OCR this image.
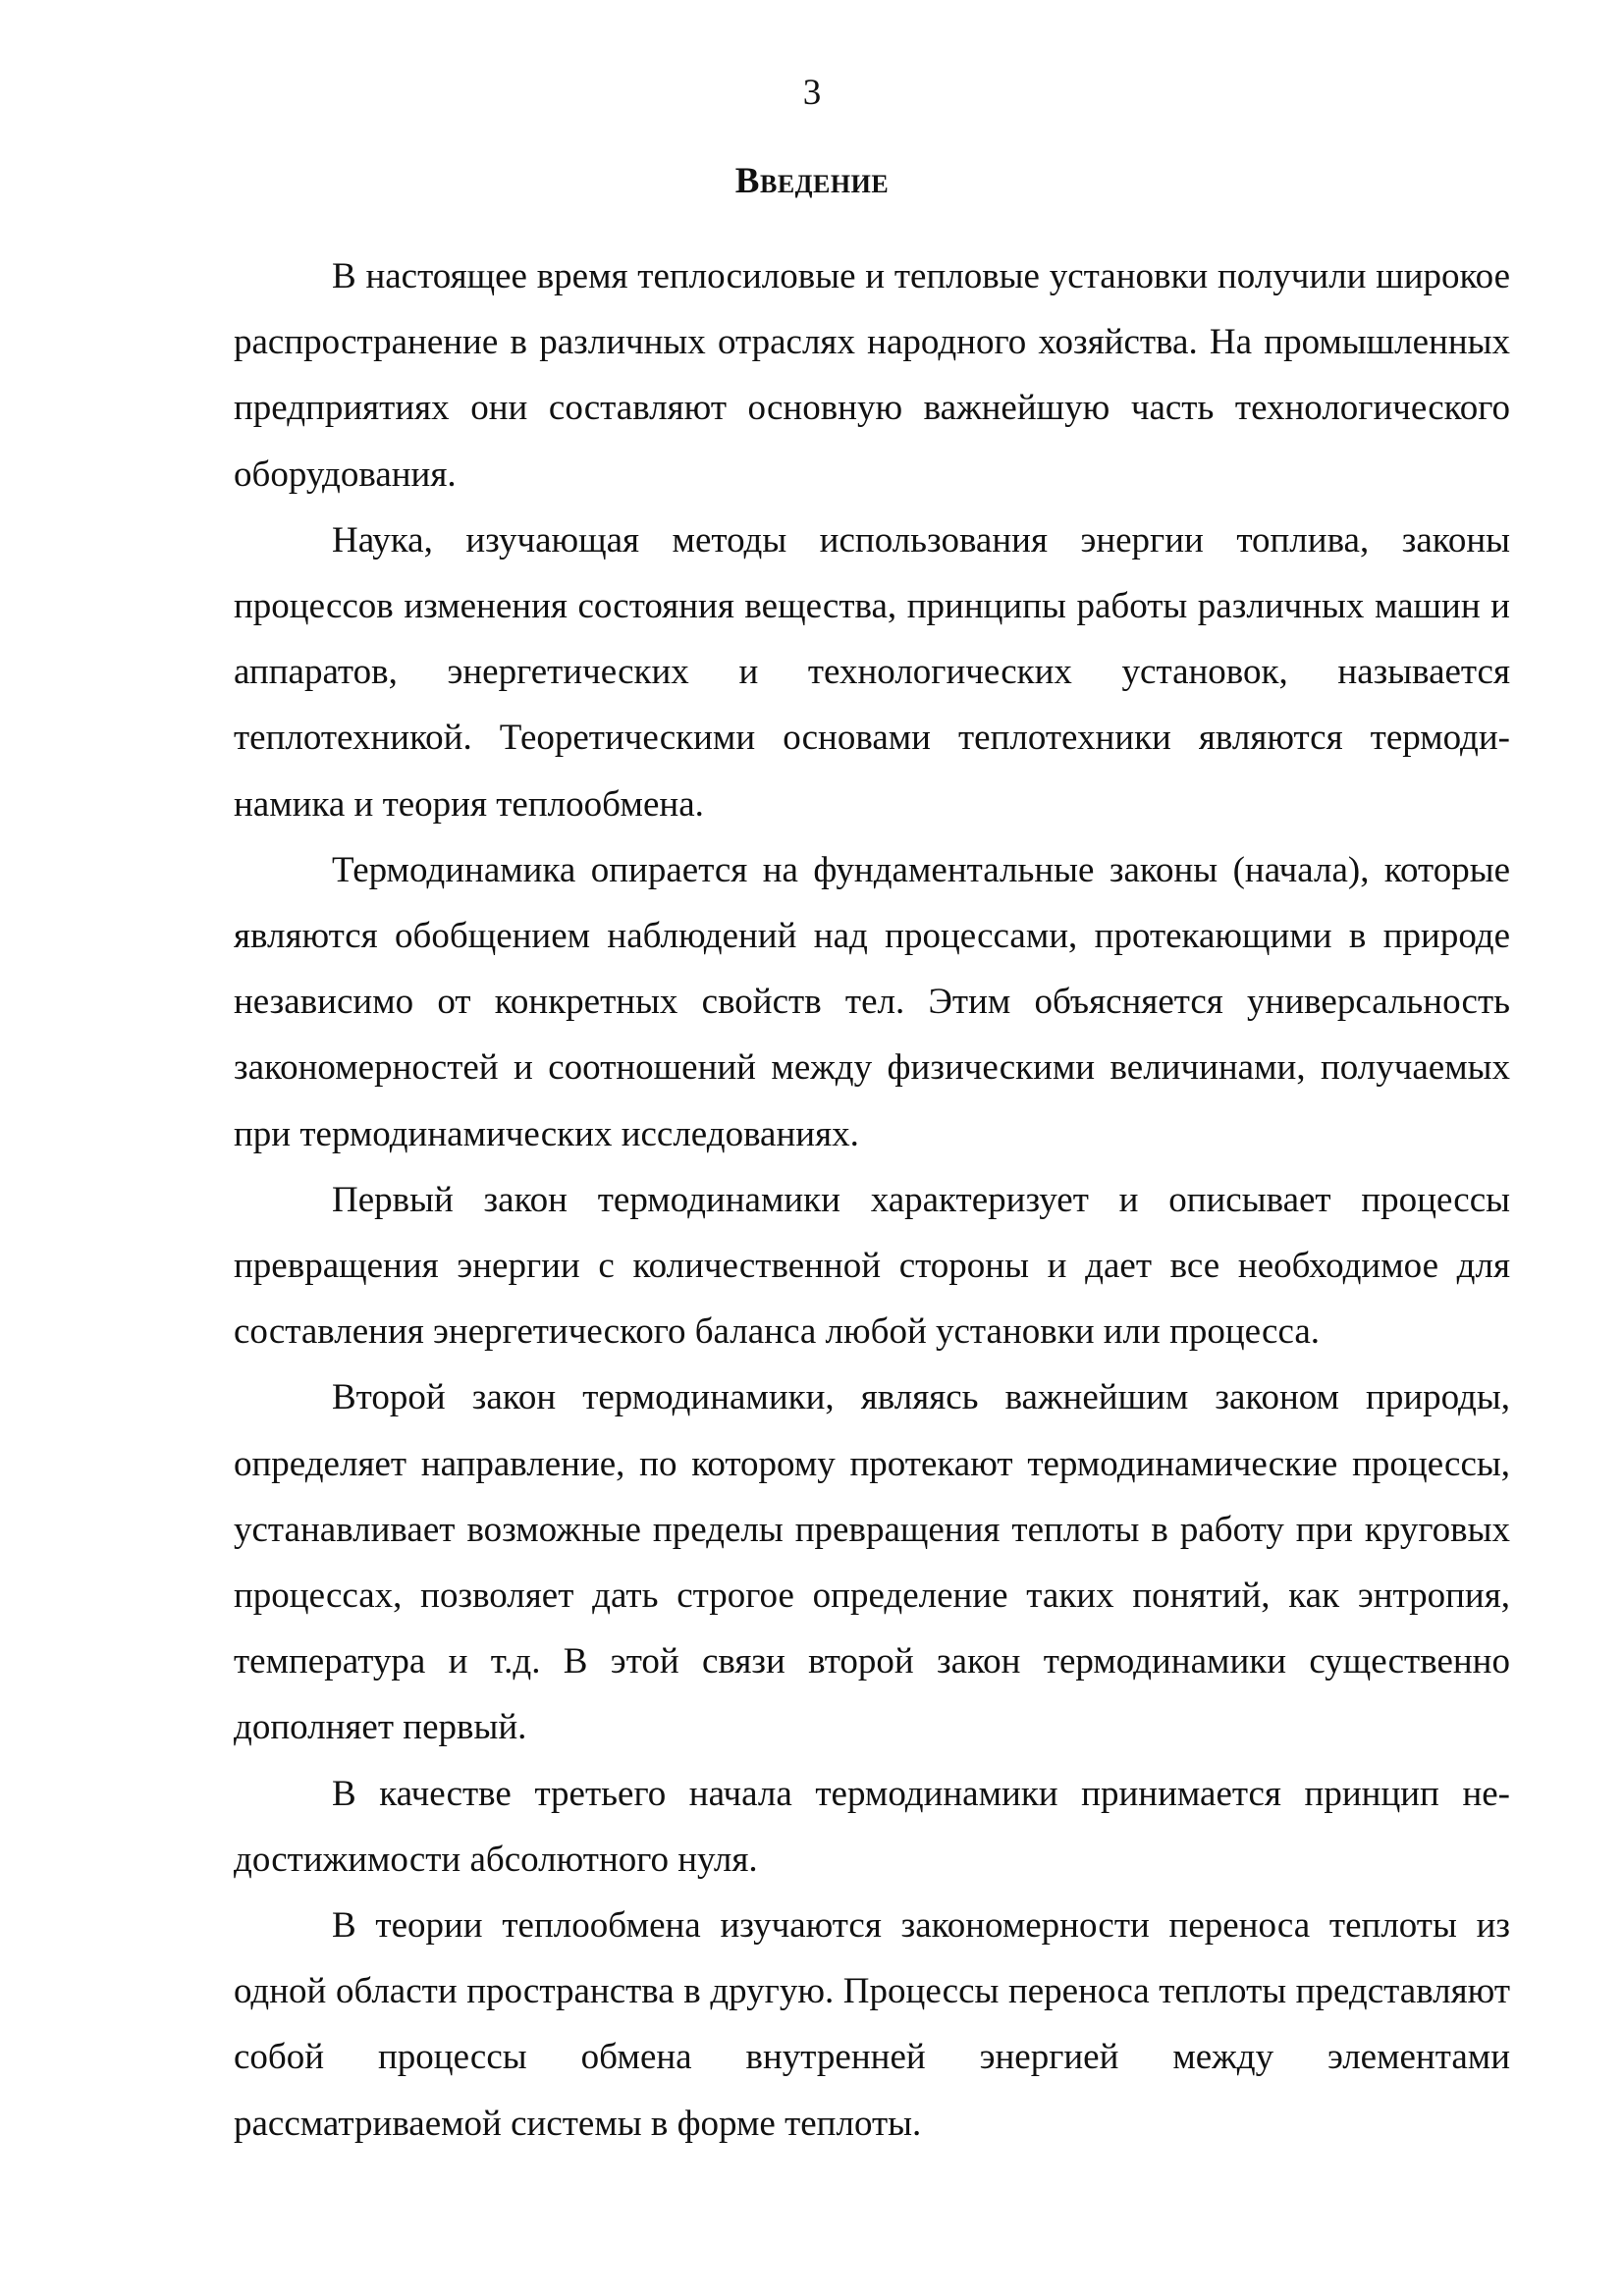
3
Введение

В настоящее время теплосиловые и тепловые установки получили широкое распространение в различных отраслях народного хозяйства. На промышленных предприятиях они составляют основную важнейшую часть технологического оборудования.

Наука, изучающая методы использования энергии топлива, законы процессов изменения состояния вещества, принципы работы различных машин и аппаратов, энергетических и технологических установок, называется теплотехникой. Теоретическими основами теплотехники являются термодинамика и теория теплообмена.

Термодинамика опирается на фундаментальные законы (начала), которые являются обобщением наблюдений над процессами, протекающими в природе независимо от конкретных свойств тел. Этим объясняется универсальность закономерностей и соотношений между физическими величинами, получаемых при термодинамических исследованиях.

Первый закон термодинамики характеризует и описывает процессы превращения энергии с количественной стороны и дает все необходимое для составления энергетического баланса любой установки или процесса.

Второй закон термодинамики, являясь важнейшим законом природы, определяет направление, по которому протекают термодинамические процессы, устанавливает возможные пределы превращения теплоты в работу при круговых процессах, позволяет дать строгое определение таких понятий, как энтропия, температура и т.д. В этой связи второй закон термодинамики существенно дополняет первый.

В качестве третьего начала термодинамики принимается принцип недостижимости абсолютного нуля.

В теории теплообмена изучаются закономерности переноса теплоты из одной области пространства в другую. Процессы переноса теплоты представляют собой процессы обмена внутренней энергией между элементами рассматриваемой системы в форме теплоты.
